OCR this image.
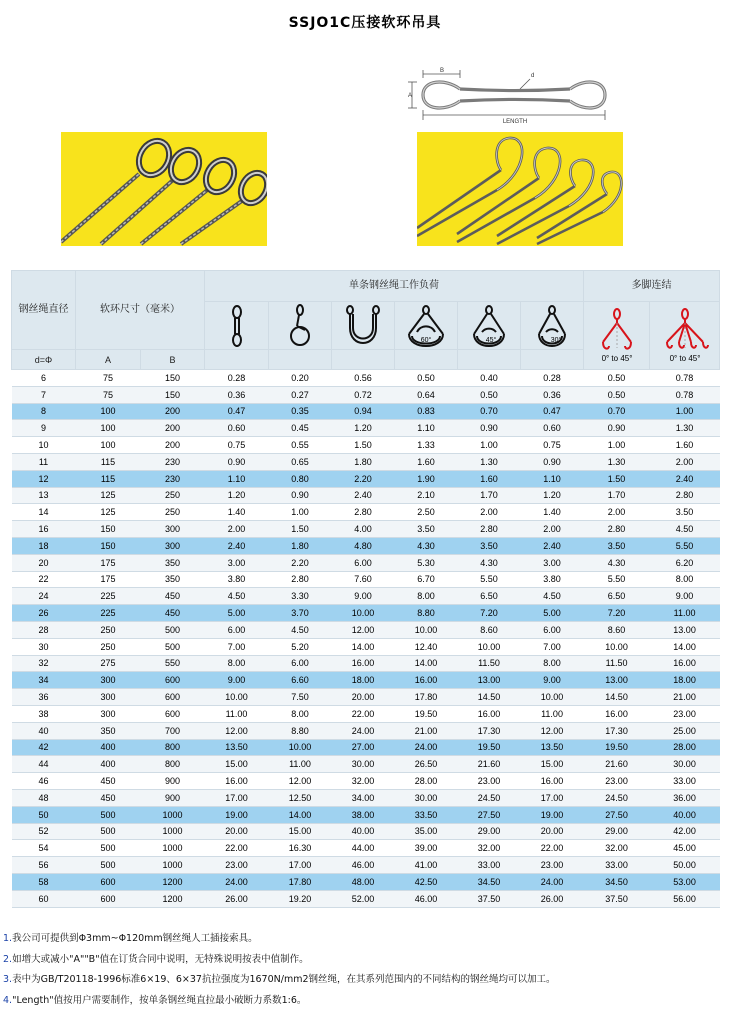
SSJO1C压接软环吊具
B
A
d
LENGTH
钢丝绳直径	软环尺寸（毫米）		单条钢丝绳工作负荷						多脚连结	

60°	45°	30°	0° to 45°	0° to 45°

d=Φ	A	B								
6	75	150	0.28	0.20	0.56	0.50	0.40	0.28	0.50	0.78
7	75	150	0.36	0.27	0.72	0.64	0.50	0.36	0.50	0.78
8	100	200	0.47	0.35	0.94	0.83	0.70	0.47	0.70	1.00
9	100	200	0.60	0.45	1.20	1.10	0.90	0.60	0.90	1.30
10	100	200	0.75	0.55	1.50	1.33	1.00	0.75	1.00	1.60
11	115	230	0.90	0.65	1.80	1.60	1.30	0.90	1.30	2.00
12	115	230	1.10	0.80	2.20	1.90	1.60	1.10	1.50	2.40
13	125	250	1.20	0.90	2.40	2.10	1.70	1.20	1.70	2.80
14	125	250	1.40	1.00	2.80	2.50	2.00	1.40	2.00	3.50
16	150	300	2.00	1.50	4.00	3.50	2.80	2.00	2.80	4.50
18	150	300	2.40	1.80	4.80	4.30	3.50	2.40	3.50	5.50
20	175	350	3.00	2.20	6.00	5.30	4.30	3.00	4.30	6.20
22	175	350	3.80	2.80	7.60	6.70	5.50	3.80	5.50	8.00
24	225	450	4.50	3.30	9.00	8.00	6.50	4.50	6.50	9.00
26	225	450	5.00	3.70	10.00	8.80	7.20	5.00	7.20	11.00
28	250	500	6.00	4.50	12.00	10.00	8.60	6.00	8.60	13.00
30	250	500	7.00	5.20	14.00	12.40	10.00	7.00	10.00	14.00
32	275	550	8.00	6.00	16.00	14.00	11.50	8.00	11.50	16.00
34	300	600	9.00	6.60	18.00	16.00	13.00	9.00	13.00	18.00
36	300	600	10.00	7.50	20.00	17.80	14.50	10.00	14.50	21.00
38	300	600	11.00	8.00	22.00	19.50	16.00	11.00	16.00	23.00
40	350	700	12.00	8.80	24.00	21.00	17.30	12.00	17.30	25.00
42	400	800	13.50	10.00	27.00	24.00	19.50	13.50	19.50	28.00
44	400	800	15.00	11.00	30.00	26.50	21.60	15.00	21.60	30.00
46	450	900	16.00	12.00	32.00	28.00	23.00	16.00	23.00	33.00
48	450	900	17.00	12.50	34.00	30.00	24.50	17.00	24.50	36.00
50	500	1000	19.00	14.00	38.00	33.50	27.50	19.00	27.50	40.00
52	500	1000	20.00	15.00	40.00	35.00	29.00	20.00	29.00	42.00
54	500	1000	22.00	16.30	44.00	39.00	32.00	22.00	32.00	45.00
56	500	1000	23.00	17.00	46.00	41.00	33.00	23.00	33.00	50.00
58	600	1200	24.00	17.80	48.00	42.50	34.50	24.00	34.50	53.00
60	600	1200	26.00	19.20	52.00	46.00	37.50	26.00	37.50	56.00
1.我公司可提供到Φ3mm~Φ120mm钢丝绳人工插接索具。
2.如增大或减小"A""B"值在订货合同中说明，无特殊说明按表中值制作。
3.表中为GB/T20118-1996标准6×19、6×37抗拉强度为1670N/mm2钢丝绳，在其系列范围内的不同结构的钢丝绳均可以加工。
4."Length"值按用户需要制作，按单条钢丝绳直拉最小破断力系数1:6。
